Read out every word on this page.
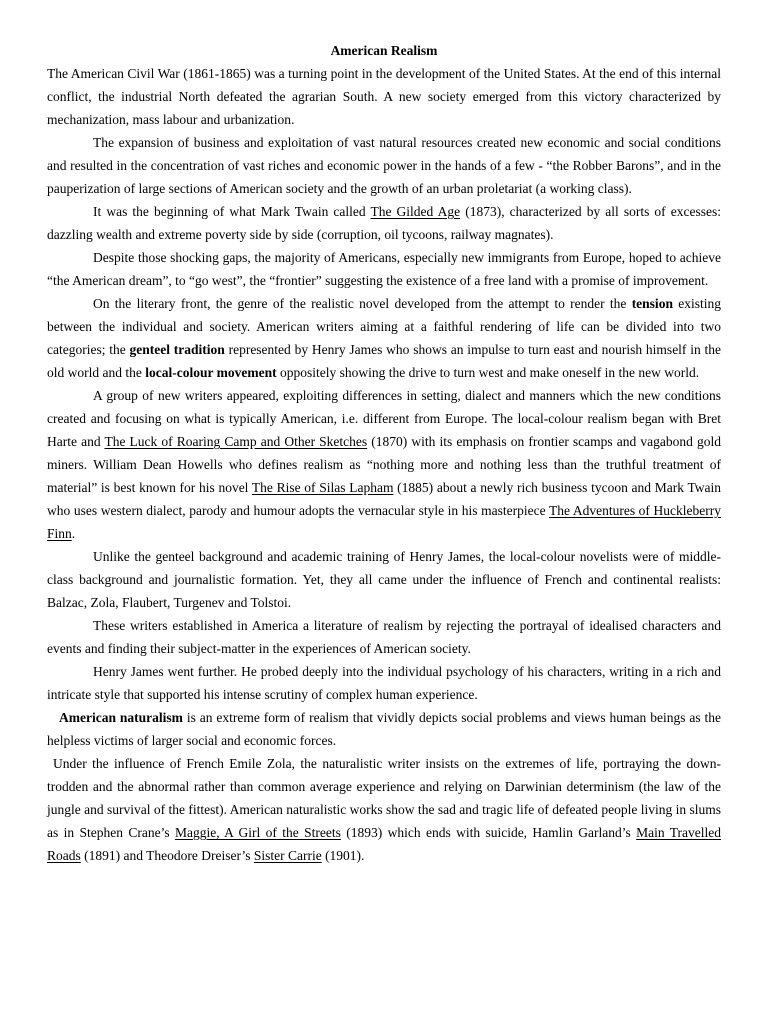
American Realism

The American Civil War (1861-1865) was a turning point in the development of the United States. At the end of this internal conflict, the industrial North defeated the agrarian South. A new society emerged from this victory characterized by mechanization, mass labour and urbanization.

The expansion of business and exploitation of vast natural resources created new economic and social conditions and resulted in the concentration of vast riches and economic power in the hands of a few - “the Robber Barons”, and in the pauperization of large sections of American society and the growth of an urban proletariat (a working class).

It was the beginning of what Mark Twain called The Gilded Age (1873), characterized by all sorts of excesses: dazzling wealth and extreme poverty side by side (corruption, oil tycoons, railway magnates).

Despite those shocking gaps, the majority of Americans, especially new immigrants from Europe, hoped to achieve “the American dream”, to “go west”, the “frontier” suggesting the existence of a free land with a promise of improvement.

On the literary front, the genre of the realistic novel developed from the attempt to render the tension existing between the individual and society. American writers aiming at a faithful rendering of life can be divided into two categories; the genteel tradition represented by Henry James who shows an impulse to turn east and nourish himself in the old world and the local-colour movement oppositely showing the drive to turn west and make oneself in the new world.

A group of new writers appeared, exploiting differences in setting, dialect and manners which the new conditions created and focusing on what is typically American, i.e. different from Europe. The local-colour realism began with Bret Harte and The Luck of Roaring Camp and Other Sketches (1870) with its emphasis on frontier scamps and vagabond gold miners. William Dean Howells who defines realism as “nothing more and nothing less than the truthful treatment of material” is best known for his novel The Rise of Silas Lapham (1885) about a newly rich business tycoon and Mark Twain who uses western dialect, parody and humour adopts the vernacular style in his masterpiece The Adventures of Huckleberry Finn.

Unlike the genteel background and academic training of Henry James, the local-colour novelists were of middle-class background and journalistic formation. Yet, they all came under the influence of French and continental realists: Balzac, Zola, Flaubert, Turgenev and Tolstoi.

These writers established in America a literature of realism by rejecting the portrayal of idealised characters and events and finding their subject-matter in the experiences of American society.

Henry James went further. He probed deeply into the individual psychology of his characters, writing in a rich and intricate style that supported his intense scrutiny of complex human experience.

American naturalism is an extreme form of realism that vividly depicts social problems and views human beings as the helpless victims of larger social and economic forces.

Under the influence of French Emile Zola, the naturalistic writer insists on the extremes of life, portraying the down-trodden and the abnormal rather than common average experience and relying on Darwinian determinism (the law of the jungle and survival of the fittest). American naturalistic works show the sad and tragic life of defeated people living in slums as in Stephen Crane’s Maggie, A Girl of the Streets (1893) which ends with suicide, Hamlin Garland’s Main Travelled Roads (1891) and Theodore Dreiser’s Sister Carrie (1901).
